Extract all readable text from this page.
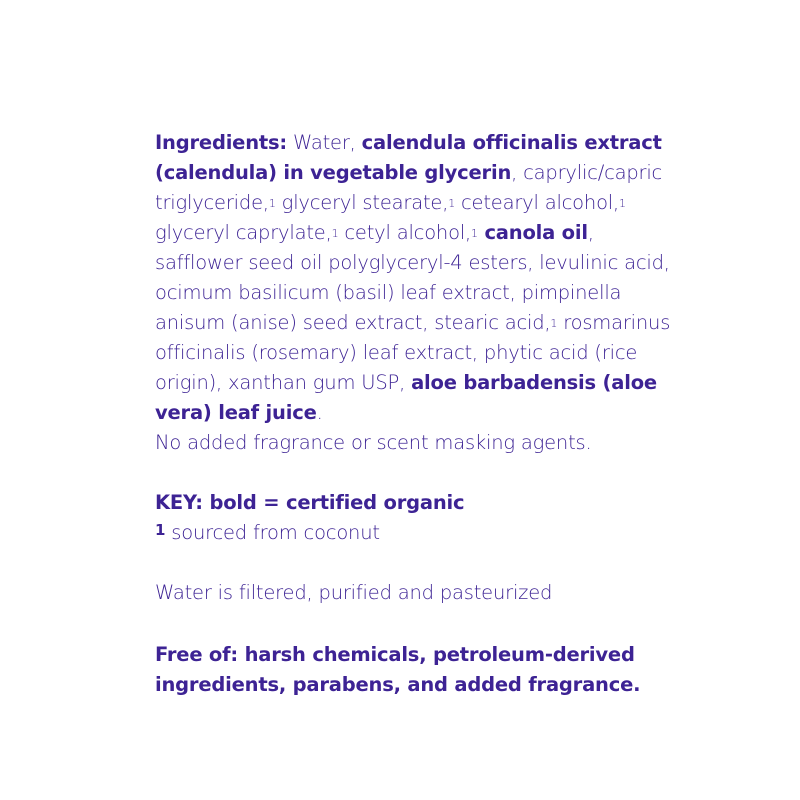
Ingredients: Water, calendula officinalis extract (calendula) in vegetable glycerin, caprylic/capric triglyceride,$^1$ glyceryl stearate,$^1$ cetearyl alcohol,$^1$ glyceryl caprylate,$^1$ cetyl alcohol,$^1$ canola oil, safflower seed oil polyglyceryl-4 esters, levulinic acid, ocimum basilicum (basil) leaf extract, pimpinella anisum (anise) seed extract, stearic acid,$^1$ rosmarinus officinalis (rosemary) leaf extract, phytic acid (rice origin), xanthan gum USP, aloe barbadensis (aloe vera) leaf juice.

No added fragrance or scent masking agents.

KEY: bold = certified organic

$^1$ sourced from coconut

Water is filtered, purified and pasteurized

Free of: harsh chemicals, petroleum-derived ingredients, parabens, and added fragrance.
